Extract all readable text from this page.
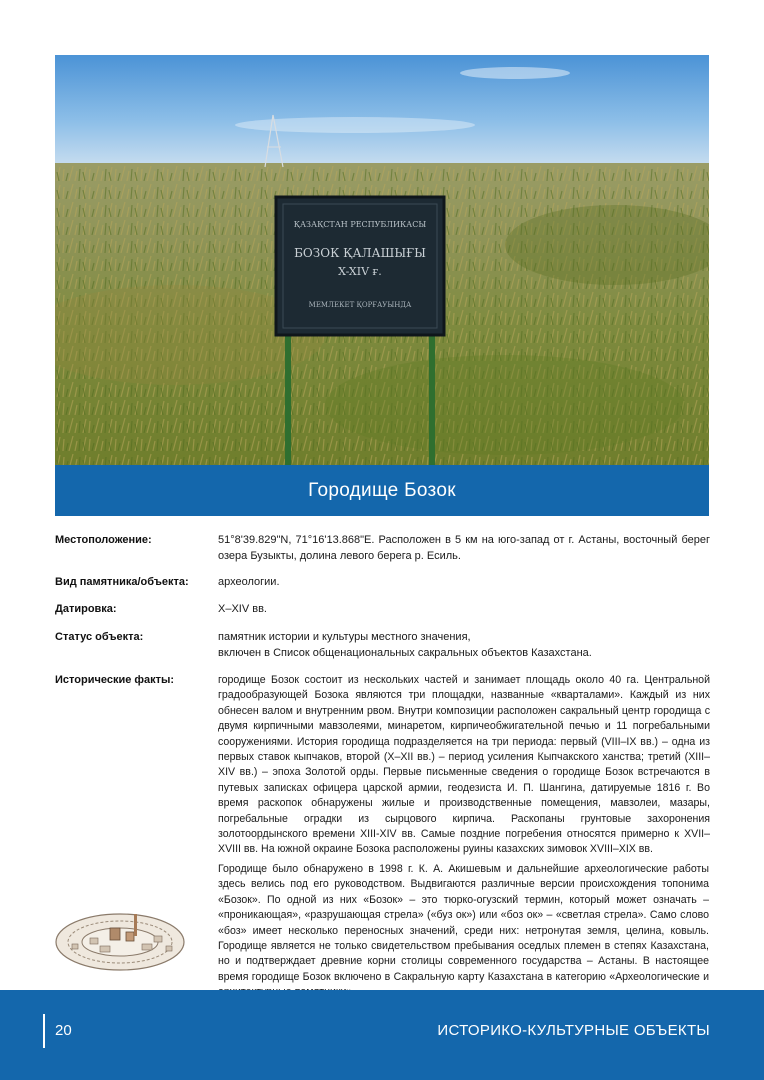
ҚАЗАҚСТАН РЕСПУБЛИКАСЫ
БОЗОК ҚАЛАШЫҒЫ
X-XIV ғ.
МЕМЛЕКЕТ ҚОРҒАУЫНДА
Городище Бозок
Местоположение:	51°8'39.829"N, 71°16'13.868"E. Расположен в 5 км на юго-запад от г. Астаны, восточный берег озера Бузыкты, долина левого берега р. Есиль.
Вид памятника/объекта:	археологии.
Датировка:	X–XIV вв.
Статус объекта:	памятник истории и культуры местного значения,

включен в Список общенациональных сакральных объектов Казахстана.

Исторические факты:	городище Бозок состоит из нескольких частей и занимает площадь около 40 га. Центральной градообразующей Бозока являются три площадки, названные «кварталами». Каждый из них обнесен валом и внутренним рвом. Внутри композиции расположен сакральный центр городища с двумя кирпичными мавзолеями, минаретом, кирпичеобжигательной печью и 11 погребальными сооружениями. История городища подразделяется на три периода: первый (VIII–IX вв.) – одна из первых ставок кыпчаков, второй (X–XII вв.) – период усиления Кыпчакского ханства; третий (XIII–XIV вв.) – эпоха Золотой орды. Первые письменные сведения о городище Бозок встречаются в путевых записках офицера царской армии, геодезиста И. П. Шангина, датируемые 1816 г. Во время раскопок обнаружены жилые и производственные помещения, мавзолеи, мазары, погребальные оградки из сырцового кирпича. Раскопаны грунтовые захоронения золотоордынского времени XIII-XIV вв. Самые поздние погребения относятся примерно к XVII–XVIII вв. На южной окраине Бозока расположены руины казахских зимовок XVIII–XIX вв.
Городище было обнаружено в 1998 г. К. А. Акишевым и дальнейшие археологические работы здесь велись под его руководством. Выдвигаются различные версии происхождения топонима «Бозок». По одной из них «Бозок» – это тюрко-огузский термин, который может означать – «проникающая», «разрушающая стрела» («буз ок») или «боз ок» – «светлая стрела». Само слово «боз» имеет несколько переносных значений, среди них: нетронутая земля, целина, ковыль. Городище является не только свидетельством пребывания оседлых племен в степях Казахстана, но и подтверждает древние корни столицы современного государства – Астаны. В настоящее время городище Бозок включено в Сакральную карту Казахстана в категорию «Археологические и
20	ИСТОРИКО-КУЛЬТУРНЫЕ ОБЪЕКТЫ
